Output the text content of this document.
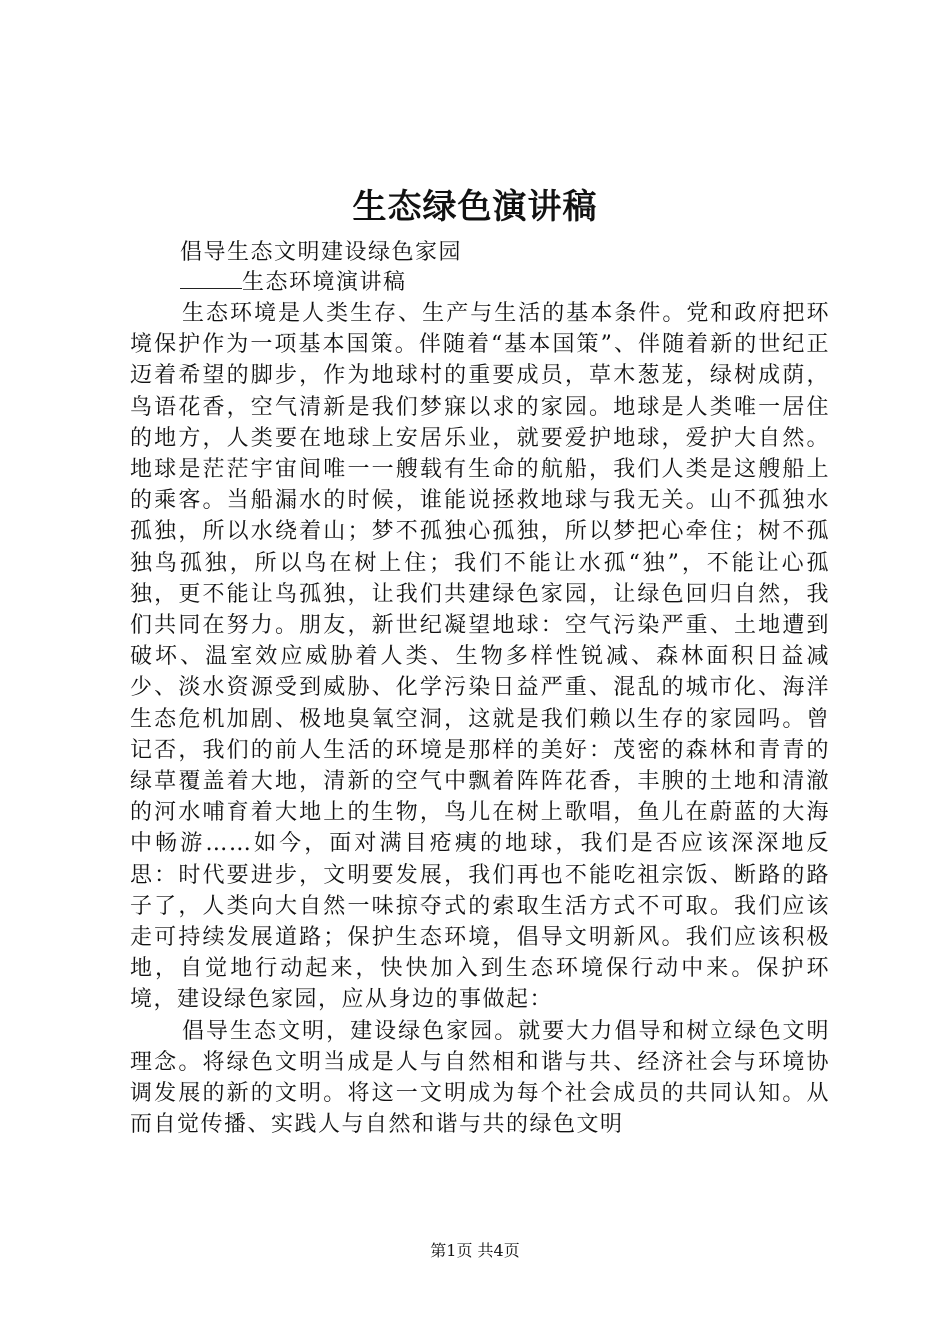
生态绿色演讲稿
倡导生态文明建设绿色家园
生态环境演讲稿

生态环境是人类生存、生产与生活的基本条件。党和政府把环境保护作为一项基本国策。伴随着“基本国策”、伴随着新的世纪正迈着希望的脚步，作为地球村的重要成员，草木葱茏，绿树成荫，鸟语花香，空气清新是我们梦寐以求的家园。地球是人类唯一居住的地方，人类要在地球上安居乐业，就要爱护地球，爱护大自然。地球是茫茫宇宙间唯一一艘载有生命的航船，我们人类是这艘船上的乘客。当船漏水的时候，谁能说拯救地球与我无关。山不孤独水孤独，所以水绕着山；梦不孤独心孤独，所以梦把心牵住；树不孤独鸟孤独，所以鸟在树上住；我们不能让水孤“独”，不能让心孤独，更不能让鸟孤独，让我们共建绿色家园，让绿色回归自然，我们共同在努力。朋友，新世纪凝望地球：空气污染严重、土地遭到破坏、温室效应威胁着人类、生物多样性锐减、森林面积日益减少、淡水资源受到威胁、化学污染日益严重、混乱的城市化、海洋生态危机加剧、极地臭氧空洞，这就是我们赖以生存的家园吗。曾记否，我们的前人生活的环境是那样的美好：茂密的森林和青青的绿草覆盖着大地，清新的空气中飘着阵阵花香，丰腴的土地和清澈的河水哺育着大地上的生物，鸟儿在树上歌唱，鱼儿在蔚蓝的大海中畅游……如今，面对满目疮痍的地球，我们是否应该深深地反思：时代要进步，文明要发展，我们再也不能吃祖宗饭、断路的路子了，人类向大自然一味掠夺式的索取生活方式不可取。我们应该走可持续发展道路；保护生态环境，倡导文明新风。我们应该积极地，自觉地行动起来，快快加入到生态环境保行动中来。保护环境，建设绿色家园，应从身边的事做起：

倡导生态文明，建设绿色家园。就要大力倡导和树立绿色文明理念。将绿色文明当成是人与自然相和谐与共、经济社会与环境协调发展的新的文明。将这一文明成为每个社会成员的共同认知。从而自觉传播、实践人与自然和谐与共的绿色文明

第1页 共4页
